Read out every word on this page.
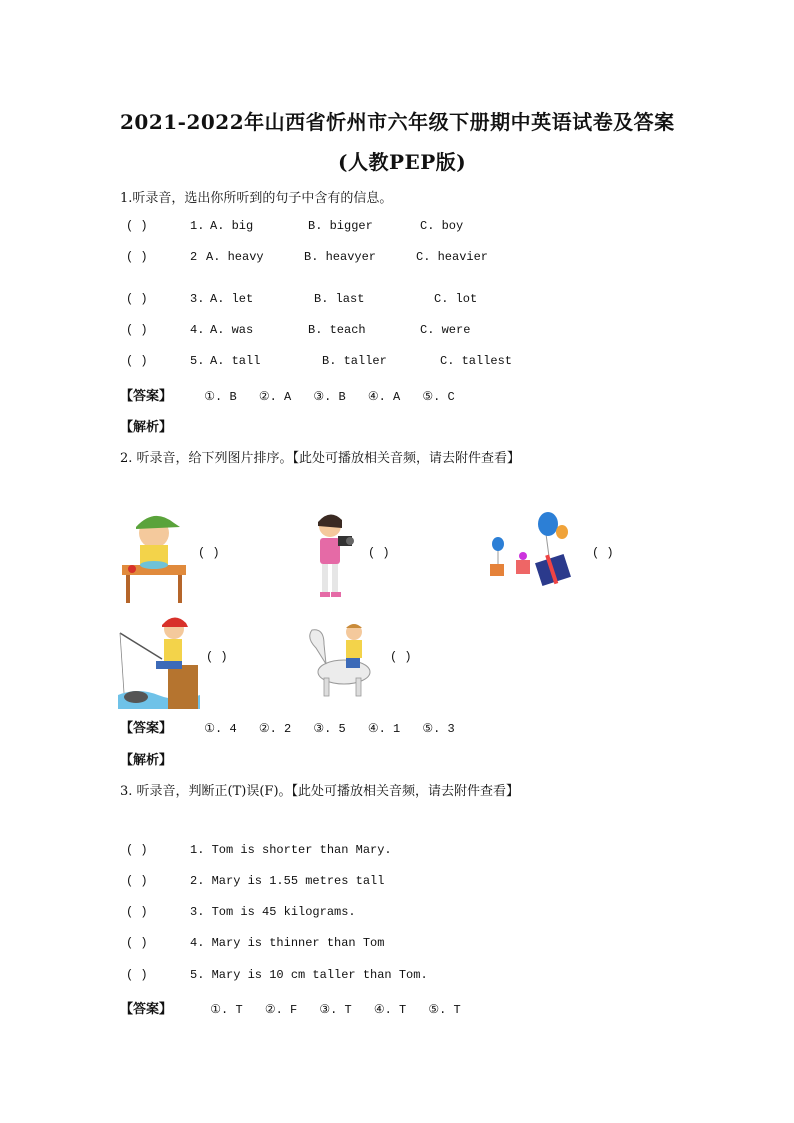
2021-2022年山西省忻州市六年级下册期中英语试卷及答案
(人教PEP版)
1.听录音，选出你所听到的句子中含有的信息。
( )	1. A. big	B. bigger	C. boy
( )	2 A. heavy	B. heavyer	C. heavier
( )	3. A. let	B. last	C. lot
( )	4. A. was	B. teach	C. were
( )	5. A. tall	B. taller	C. tallest
【答案】	①. B ②. A ③. B ④. A ⑤. C
【解析】
2. 听录音，给下列图片排序。【此处可播放相关音频，请去附件查看】
( )	( )	( )
( )	( )
【答案】	①. 4 ②. 2 ③. 5 ④. 1 ⑤. 3
【解析】
3. 听录音，判断正(T)误(F)。【此处可播放相关音频，请去附件查看】
( )	1. Tom is shorter than Mary.
( )	2. Mary is 1.55 metres tall
( )	3. Tom is 45 kilograms.
( )	4. Mary is thinner than Tom
( )	5. Mary is 10 cm taller than Tom.
【答案】	①. T ②. F ③. T ④. T ⑤. T
